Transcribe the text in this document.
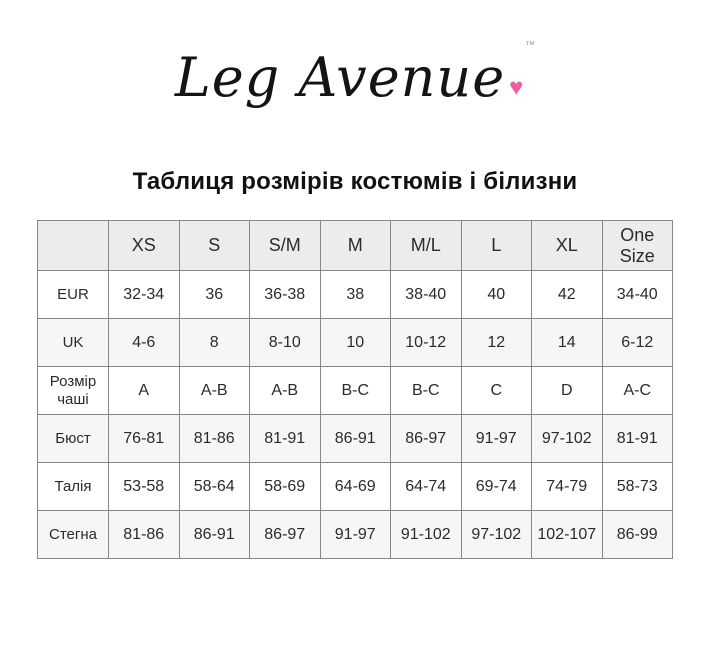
Leg Avenue
™
♥
Таблиця розмірів костюмів і білизни
	XS	S	S/M	M	M/L	L	XL	One Size
EUR	32-34	36	36-38	38	38-40	40	42	34-40
UK	4-6	8	8-10	10	10-12	12	14	6-12
Розмір чаші	A	A-B	A-B	B-C	B-C	C	D	A-C
Бюст	76-81	81-86	81-91	86-91	86-97	91-97	97-102	81-91
Талія	53-58	58-64	58-69	64-69	64-74	69-74	74-79	58-73
Стегна	81-86	86-91	86-97	91-97	91-102	97-102	102-107	86-99
